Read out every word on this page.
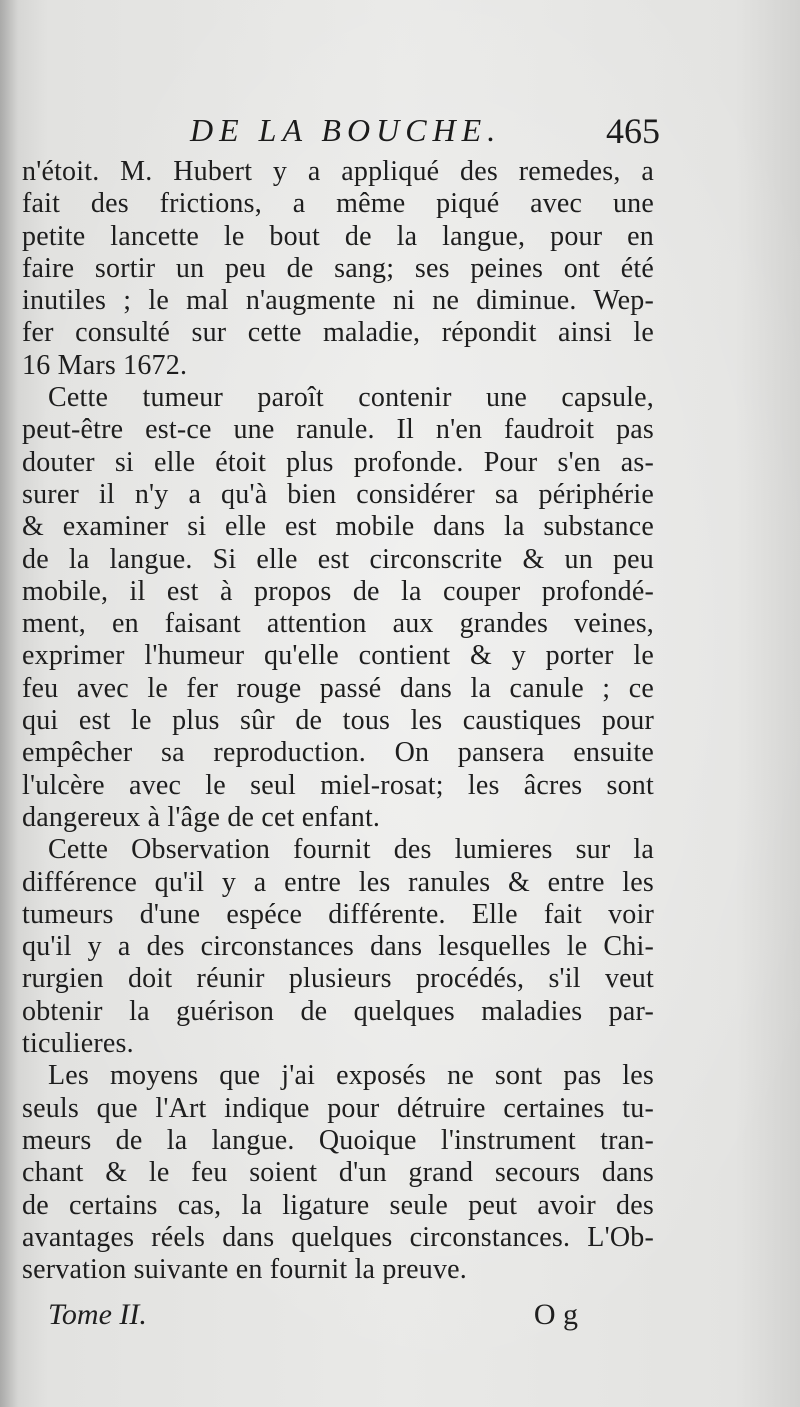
DE LA BOUCHE.	465
n'étoit. M. Hubert y a appliqué des remedes, a
fait des frictions, a même piqué avec une
petite lancette le bout de la langue, pour en
faire sortir un peu de sang; ses peines ont été
inutiles ; le mal n'augmente ni ne diminue. Wep-
fer consulté sur cette maladie, répondit ainsi le
16 Mars 1672.
Cette tumeur paroît contenir une capsule,
peut-être est-ce une ranule. Il n'en faudroit pas
douter si elle étoit plus profonde. Pour s'en as-
surer il n'y a qu'à bien considérer sa périphérie
& examiner si elle est mobile dans la substance
de la langue. Si elle est circonscrite & un peu
mobile, il est à propos de la couper profondé-
ment, en faisant attention aux grandes veines,
exprimer l'humeur qu'elle contient & y porter le
feu avec le fer rouge passé dans la canule ; ce
qui est le plus sûr de tous les caustiques pour
empêcher sa reproduction. On pansera ensuite
l'ulcère avec le seul miel-rosat; les âcres sont
dangereux à l'âge de cet enfant.
Cette Observation fournit des lumieres sur la
différence qu'il y a entre les ranules & entre les
tumeurs d'une espéce différente. Elle fait voir
qu'il y a des circonstances dans lesquelles le Chi-
rurgien doit réunir plusieurs procédés, s'il veut
obtenir la guérison de quelques maladies par-
ticulieres.
Les moyens que j'ai exposés ne sont pas les
seuls que l'Art indique pour détruire certaines tu-
meurs de la langue. Quoique l'instrument tran-
chant & le feu soient d'un grand secours dans
de certains cas, la ligature seule peut avoir des
avantages réels dans quelques circonstances. L'Ob-
servation suivante en fournit la preuve.
Tome II.	O g
